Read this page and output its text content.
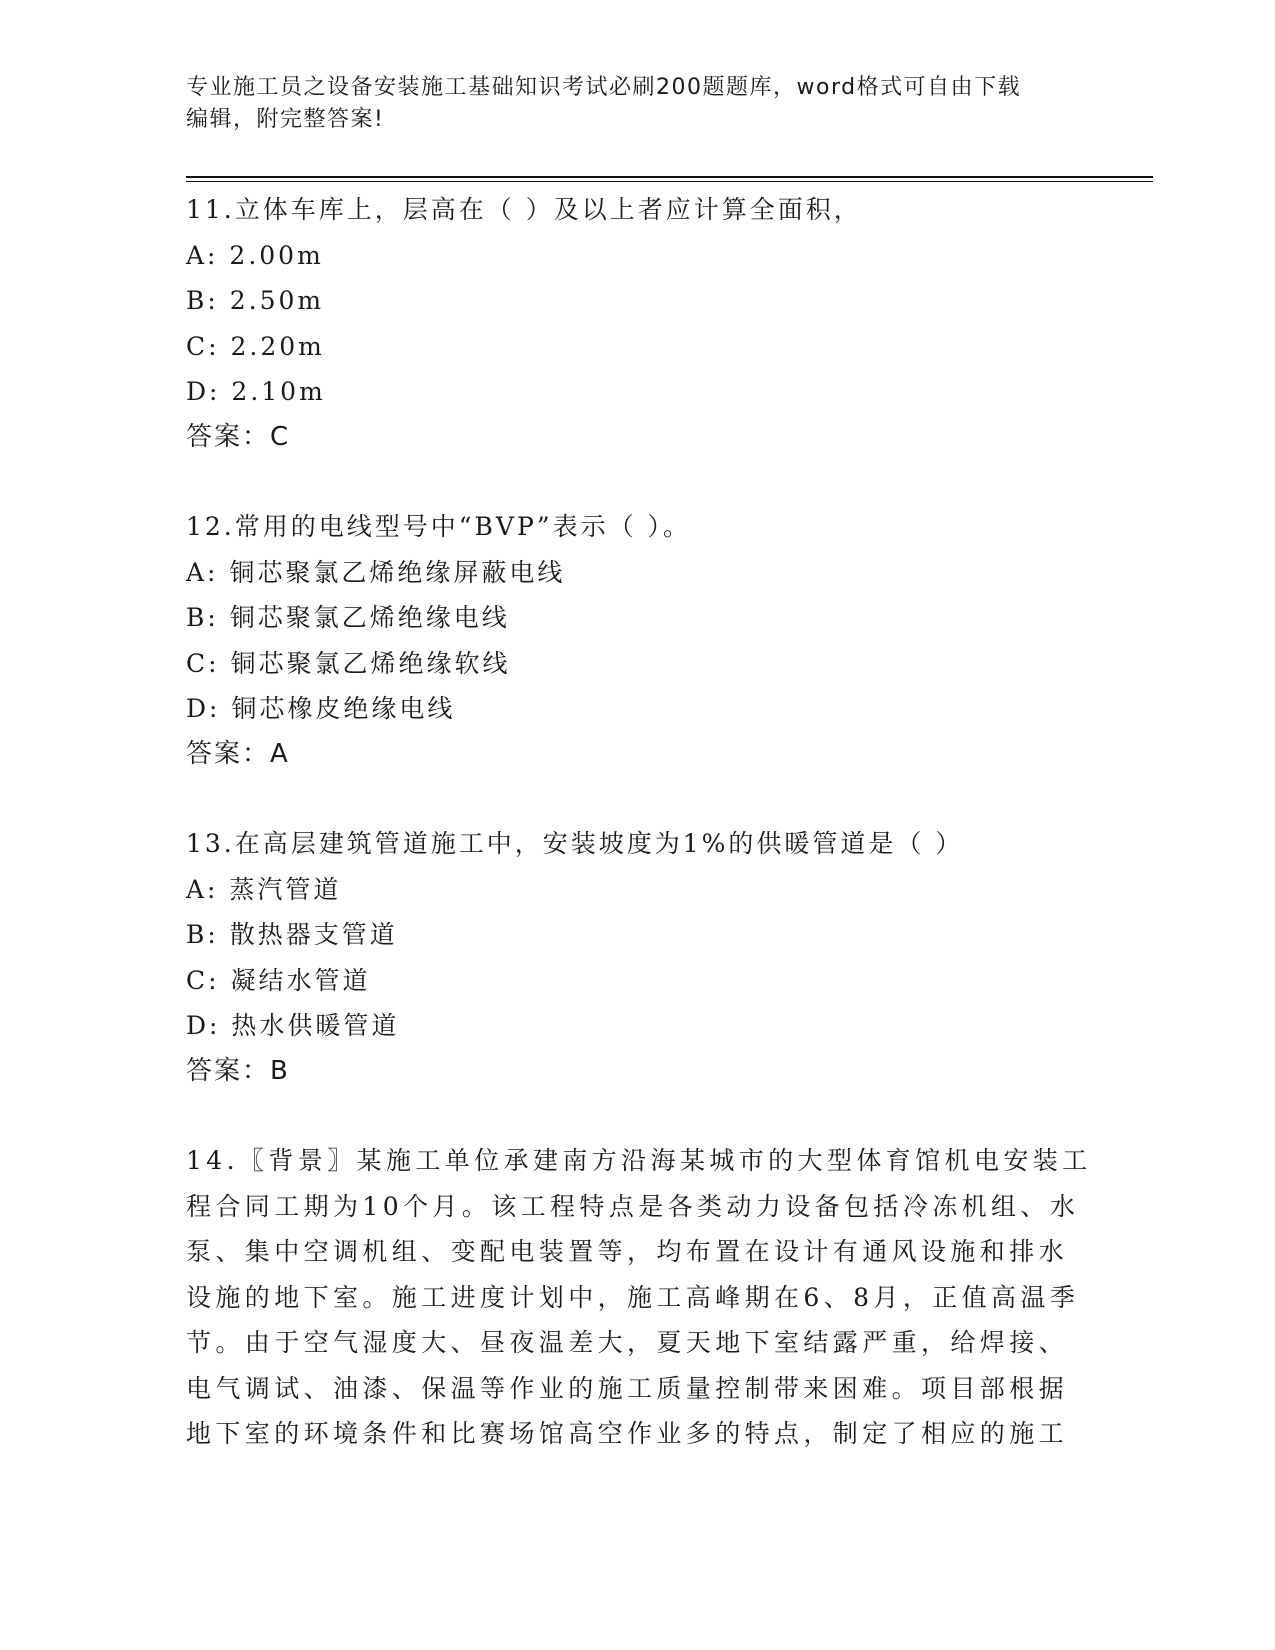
专业施工员之设备安装施工基础知识考试必刷200题题库，word格式可自由下载
编辑，附完整答案!
11.立体车库上，层高在（ ）及以上者应计算全面积，
A: 2.00m
B: 2.50m
C: 2.20m
D: 2.10m
答案：C
12.常用的电线型号中“BVP”表示（ ）。
A: 铜芯聚氯乙烯绝缘屏蔽电线
B: 铜芯聚氯乙烯绝缘电线
C: 铜芯聚氯乙烯绝缘软线
D: 铜芯橡皮绝缘电线
答案：A
13.在高层建筑管道施工中，安装坡度为1%的供暖管道是（ ）
A: 蒸汽管道
B: 散热器支管道
C: 凝结水管道
D: 热水供暖管道
答案：B
14.〖背景〗某施工单位承建南方沿海某城市的大型体育馆机电安装工
程合同工期为10个月。该工程特点是各类动力设备包括冷冻机组、水
泵、集中空调机组、变配电装置等，均布置在设计有通风设施和排水
设施的地下室。施工进度计划中，施工高峰期在6、8月，正值高温季
节。由于空气湿度大、昼夜温差大，夏天地下室结露严重，给焊接、
电气调试、油漆、保温等作业的施工质量控制带来困难。项目部根据
地下室的环境条件和比赛场馆高空作业多的特点，制定了相应的施工
